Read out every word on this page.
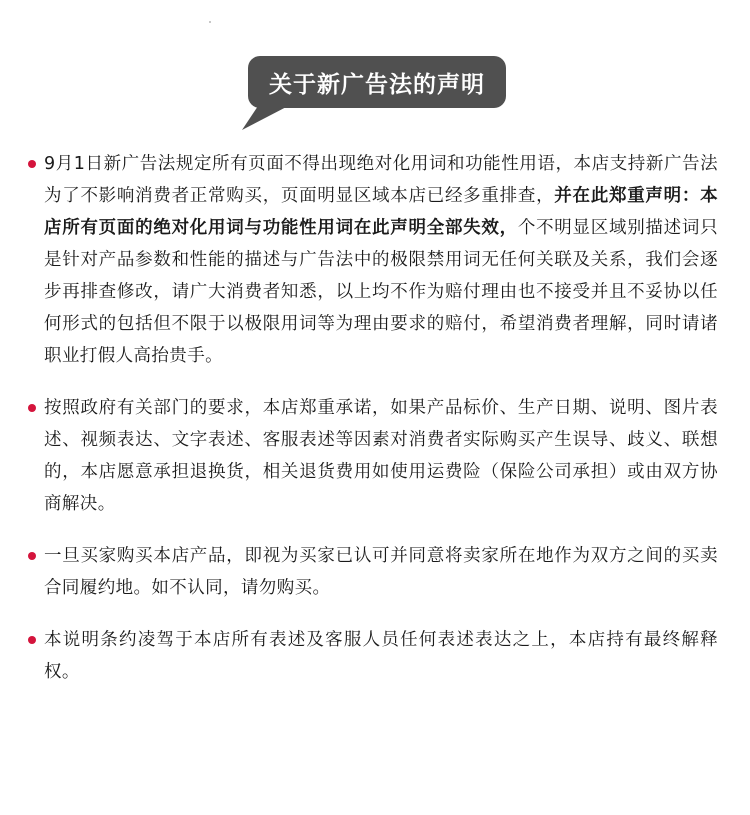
关于新广告法的声明
9月1日新广告法规定所有页面不得出现绝对化用词和功能性用语，本店支持新广告法为了不影响消费者正常购买，页面明显区域本店已经多重排查，并在此郑重声明：本店所有页面的绝对化用词与功能性用词在此声明全部失效，个不明显区域别描述词只是针对产品参数和性能的描述与广告法中的极限禁用词无任何关联及关系，我们会逐步再排查修改，请广大消费者知悉，以上均不作为赔付理由也不接受并且不妥协以任何形式的包括但不限于以极限用词等为理由要求的赔付，希望消费者理解，同时请诸职业打假人高抬贵手。
按照政府有关部门的要求，本店郑重承诺，如果产品标价、生产日期、说明、图片表述、视频表达、文字表述、客服表述等因素对消费者实际购买产生误导、歧义、联想的，本店愿意承担退换货，相关退货费用如使用运费险（保险公司承担）或由双方协商解决。
一旦买家购买本店产品，即视为买家已认可并同意将卖家所在地作为双方之间的买卖合同履约地。如不认同，请勿购买。
本说明条约凌驾于本店所有表述及客服人员任何表述表达之上，本店持有最终解释权。
